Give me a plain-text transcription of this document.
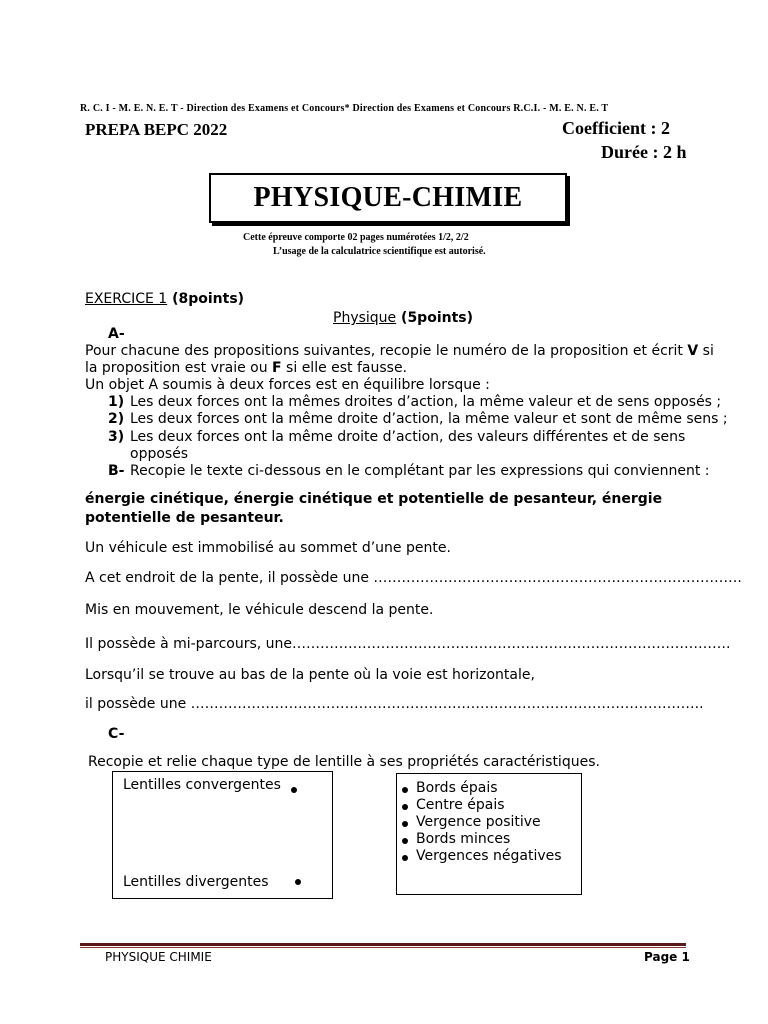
R. C. I - M. E. N. E. T - Direction des Examens et Concours* Direction des Examens et Concours R.C.I. - M. E. N. E. T
PREPA BEPC 2022	Coefficient : 2
Durée : 2 h
PHYSIQUE-CHIMIE
Cette épreuve comporte 02 pages numérotées 1/2, 2/2
L’usage de la calculatrice scientifique est autorisé.
EXERCICE 1 (8points)
Physique (5points)
A-
Pour chacune des propositions suivantes, recopie le numéro de la proposition et écrit V si
la proposition est vraie ou F si elle est fausse.
Un objet A soumis à deux forces est en équilibre lorsque :
1) Les deux forces ont la mêmes droites d’action, la même valeur et de sens opposés ;
2) Les deux forces ont la même droite d’action, la même valeur et sont de même sens ;
3) Les deux forces ont la même droite d’action, des valeurs différentes et de sens
opposés
B- Recopie le texte ci-dessous en le complétant par les expressions qui conviennent :
énergie cinétique, énergie cinétique et potentielle de pesanteur, énergie potentielle de pesanteur.
Un véhicule est immobilisé au sommet d’une pente.
A cet endroit de la pente, il possède une …………………………………………………………………….
Mis en mouvement, le véhicule descend la pente.
Il possède à mi-parcours, une………………………………………………………………………………….
Lorsqu’il se trouve au bas de la pente où la voie est horizontale,
il possède une ………………………………………………………………………………………………..
C-
Recopie et relie chaque type de lentille à ses propriétés caractéristiques.
Lentilles convergentes
Lentilles divergentes
Bords épais
Centre épais
Vergence positive
Bords minces
Vergences négatives
PHYSIQUE CHIMIE	Page 1
